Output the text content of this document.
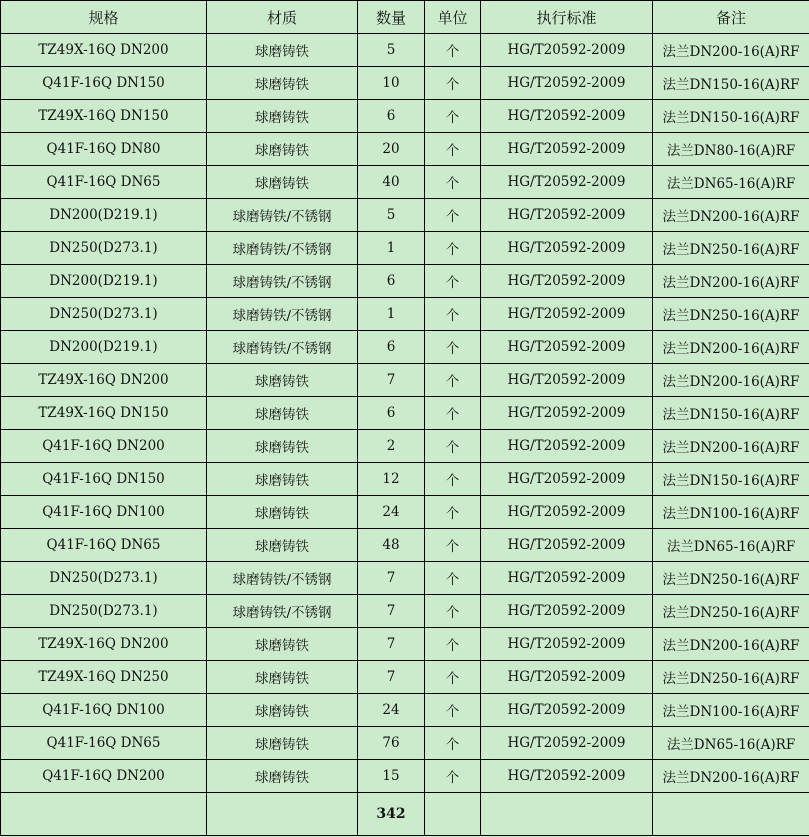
规格	材质	数量	单位	执行标准	备注
TZ49X-16Q DN200	球磨铸铁	5	个	HG/T20592-2009	法兰DN200-16(A)RF
Q41F-16Q DN150	球磨铸铁	10	个	HG/T20592-2009	法兰DN150-16(A)RF
TZ49X-16Q DN150	球磨铸铁	6	个	HG/T20592-2009	法兰DN150-16(A)RF
Q41F-16Q DN80	球磨铸铁	20	个	HG/T20592-2009	法兰DN80-16(A)RF
Q41F-16Q DN65	球磨铸铁	40	个	HG/T20592-2009	法兰DN65-16(A)RF
DN200(D219.1)	球磨铸铁/不锈钢	5	个	HG/T20592-2009	法兰DN200-16(A)RF
DN250(D273.1)	球磨铸铁/不锈钢	1	个	HG/T20592-2009	法兰DN250-16(A)RF
DN200(D219.1)	球磨铸铁/不锈钢	6	个	HG/T20592-2009	法兰DN200-16(A)RF
DN250(D273.1)	球磨铸铁/不锈钢	1	个	HG/T20592-2009	法兰DN250-16(A)RF
DN200(D219.1)	球磨铸铁/不锈钢	6	个	HG/T20592-2009	法兰DN200-16(A)RF
TZ49X-16Q DN200	球磨铸铁	7	个	HG/T20592-2009	法兰DN200-16(A)RF
TZ49X-16Q DN150	球磨铸铁	6	个	HG/T20592-2009	法兰DN150-16(A)RF
Q41F-16Q DN200	球磨铸铁	2	个	HG/T20592-2009	法兰DN200-16(A)RF
Q41F-16Q DN150	球磨铸铁	12	个	HG/T20592-2009	法兰DN150-16(A)RF
Q41F-16Q DN100	球磨铸铁	24	个	HG/T20592-2009	法兰DN100-16(A)RF
Q41F-16Q DN65	球磨铸铁	48	个	HG/T20592-2009	法兰DN65-16(A)RF
DN250(D273.1)	球磨铸铁/不锈钢	7	个	HG/T20592-2009	法兰DN250-16(A)RF
DN250(D273.1)	球磨铸铁/不锈钢	7	个	HG/T20592-2009	法兰DN250-16(A)RF
TZ49X-16Q DN200	球磨铸铁	7	个	HG/T20592-2009	法兰DN200-16(A)RF
TZ49X-16Q DN250	球磨铸铁	7	个	HG/T20592-2009	法兰DN250-16(A)RF
Q41F-16Q DN100	球磨铸铁	24	个	HG/T20592-2009	法兰DN100-16(A)RF
Q41F-16Q DN65	球磨铸铁	76	个	HG/T20592-2009	法兰DN65-16(A)RF
Q41F-16Q DN200	球磨铸铁	15	个	HG/T20592-2009	法兰DN200-16(A)RF
		342			
